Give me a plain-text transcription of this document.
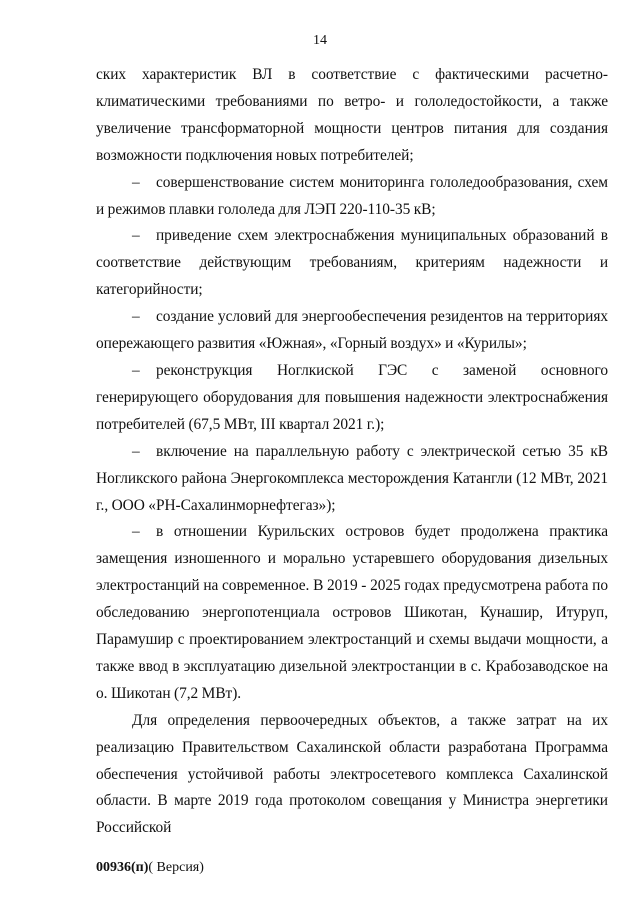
14

ских характеристик ВЛ в соответствие с фактическими расчетно-климатическими требованиями по ветро- и гололедостойкости, а также увеличение трансформаторной мощности центров питания для создания возможности подключения новых потребителей;

– совершенствование систем мониторинга гололедообразования, схем и режимов плавки гололеда для ЛЭП 220-110-35 кВ;

– приведение схем электроснабжения муниципальных образований в соответствие действующим требованиям, критериям надежности и категорийности;

– создание условий для энергообеспечения резидентов на территориях опережающего развития «Южная», «Горный воздух» и «Курилы»;

– реконструкция Ноглкиской ГЭС с заменой основного генерирующего оборудования для повышения надежности электроснабжения потребителей (67,5 МВт, III квартал 2021 г.);

– включение на параллельную работу с электрической сетью 35 кВ Ногликского района Энергокомплекса месторождения Катангли (12 МВт, 2021 г., ООО «РН-Сахалинморнефтегаз»);

– в отношении Курильских островов будет продолжена практика замещения изношенного и морально устаревшего оборудования дизельных электростанций на современное. В 2019 - 2025 годах предусмотрена работа по обследованию энергопотенциала островов Шикотан, Кунашир, Итуруп, Парамушир с проектированием электростанций и схемы выдачи мощности, а также ввод в эксплуатацию дизельной электростанции в с. Крабозаводское на о. Шикотан (7,2 МВт).

Для определения первоочередных объектов, а также затрат на их реализацию Правительством Сахалинской области разработана Программа обеспечения устойчивой работы электросетевого комплекса Сахалинской области. В марте 2019 года протоколом совещания у Министра энергетики Российской

00936(п)( Версия)
